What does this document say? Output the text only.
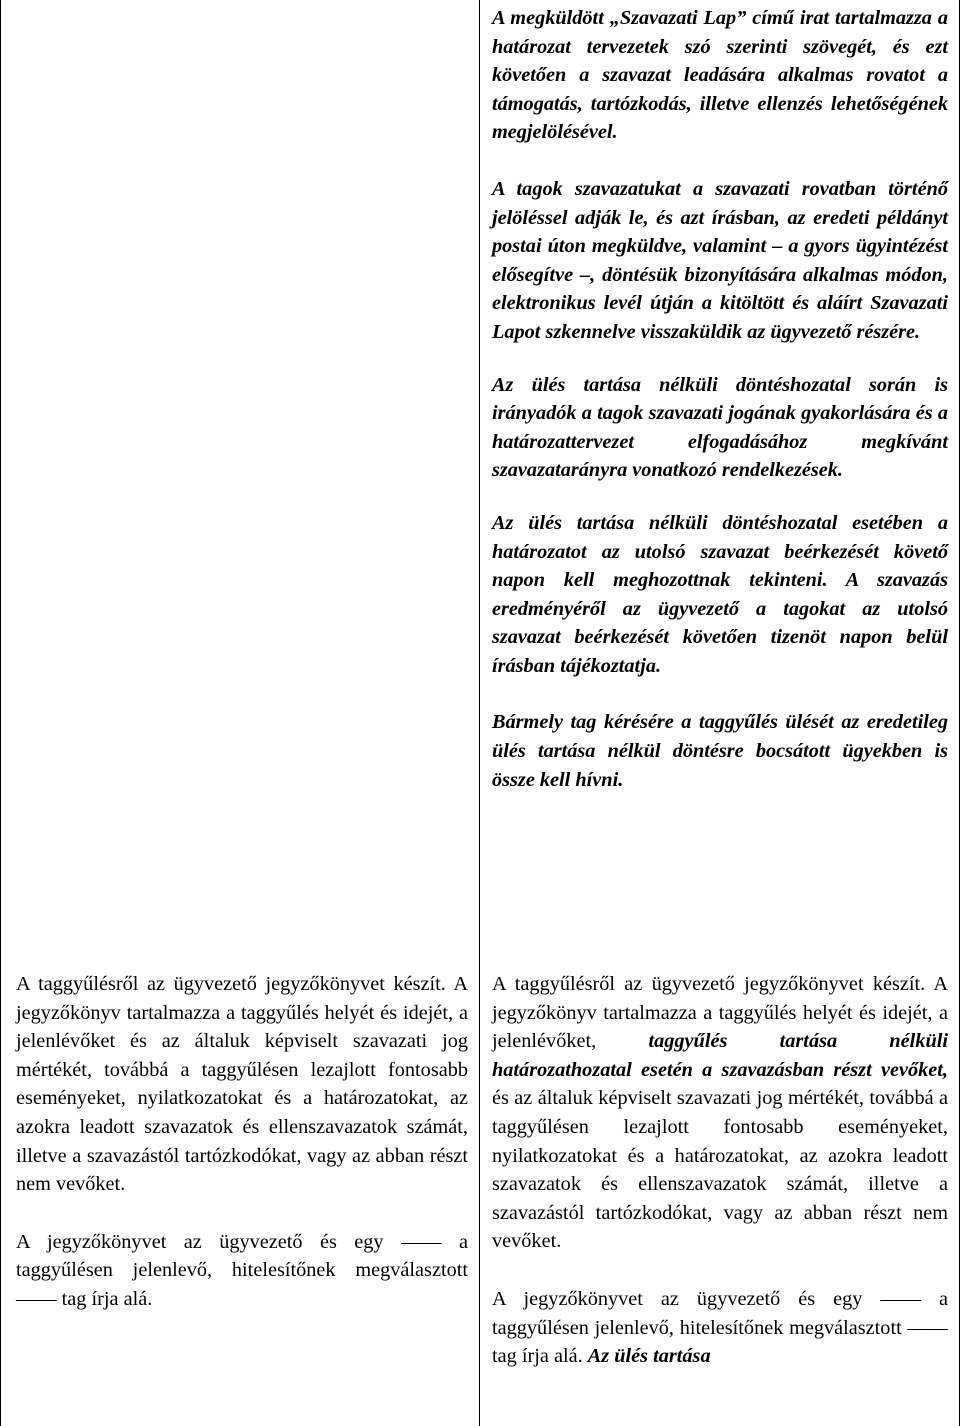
A megküldött „Szavazati Lap” című irat tartalmazza a határozat tervezetek szó szerinti szövegét, és ezt követően a szavazat leadására alkalmas rovatot a támogatás, tartózkodás, illetve ellenzés lehetőségének megjelölésével.

A tagok szavazatukat a szavazati rovatban történő jelöléssel adják le, és azt írásban, az eredeti példányt postai úton megküldve, valamint – a gyors ügyintézést elősegítve –, döntésük bizonyítására alkalmas módon, elektronikus levél útján a kitöltött és aláírt Szavazati Lapot szkennelve visszaküldik az ügyvezető részére.

Az ülés tartása nélküli döntéshozatal során is irányadók a tagok szavazati jogának gyakorlására és a határozattervezet elfogadásához megkívánt szavazatarányra vonatkozó rendelkezések.

Az ülés tartása nélküli döntéshozatal esetében a határozatot az utolsó szavazat beérkezését követő napon kell meghozottnak tekinteni. A szavazás eredményéről az ügyvezető a tagokat az utolsó szavazat beérkezését követően tizenöt napon belül írásban tájékoztatja.

Bármely tag kérésére a taggyűlés ülését az eredetileg ülés tartása nélkül döntésre bocsátott ügyekben is össze kell hívni.

A taggyűlésről az ügyvezető jegyzőkönyvet készít. A jegyzőkönyv tartalmazza a taggyűlés helyét és idejét, a jelenlévőket és az általuk képviselt szavazati jog mértékét, továbbá a taggyűlésen lezajlott fontosabb eseményeket, nyilatkozatokat és a határozatokat, az azokra leadott szavazatok és ellenszavazatok számát, illetve a szavazástól tartózkodókat, vagy az abban részt nem vevőket.

A jegyzőkönyvet az ügyvezető és egy —— a taggyűlésen jelenlevő, hitelesítőnek megválasztott —— tag írja alá.

A taggyűlésről az ügyvezető jegyzőkönyvet készít. A jegyzőkönyv tartalmazza a taggyűlés helyét és idejét, a jelenlévőket,	taggyűlés tartása nélküli határozathozatal esetén a szavazásban részt vevőket, és az általuk képviselt szavazati jog mértékét, továbbá a taggyűlésen lezajlott fontosabb eseményeket, nyilatkozatokat és a határozatokat, az azokra leadott szavazatok és ellenszavazatok számát, illetve a szavazástól tartózkodókat, vagy az abban részt nem vevőket.

A jegyzőkönyvet az ügyvezető és egy —— a taggyűlésen jelenlevő, hitelesítőnek megválasztott —— tag írja alá. Az ülés tartása
